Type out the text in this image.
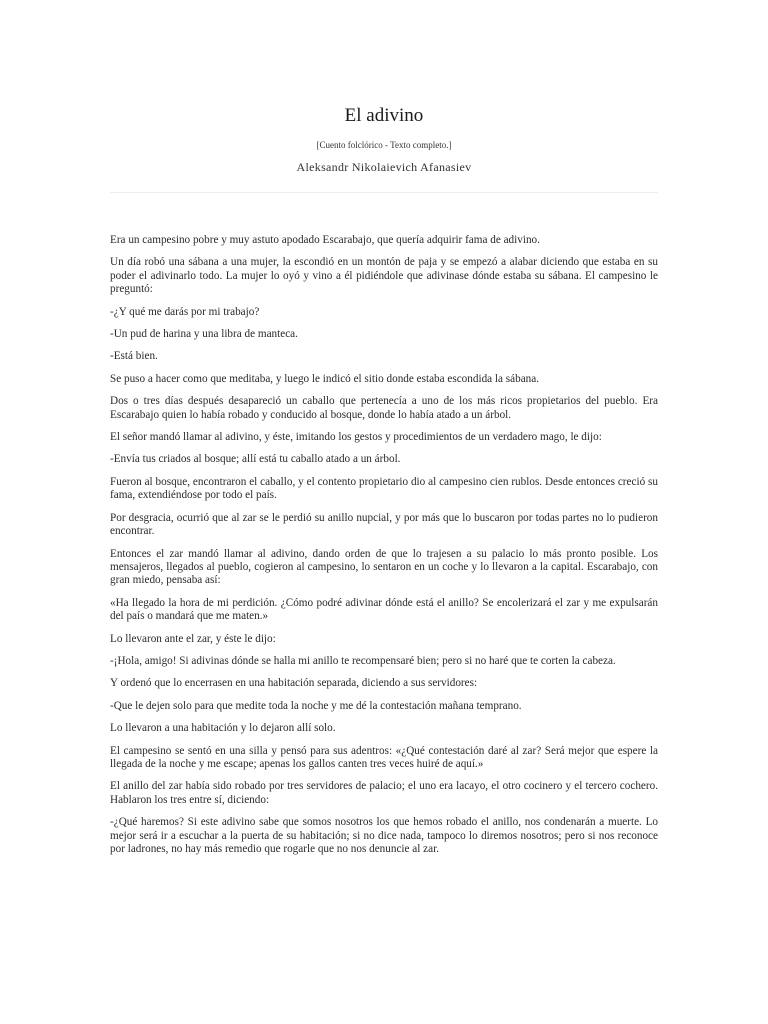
El adivino
[Cuento folclórico - Texto completo.]
Aleksandr Nikolaievich Afanasiev

Era un campesino pobre y muy astuto apodado Escarabajo, que quería adquirir fama de adivino.

Un día robó una sábana a una mujer, la escondió en un montón de paja y se empezó a alabar diciendo que estaba en su poder el adivinarlo todo. La mujer lo oyó y vino a él pidiéndole que adivinase dónde estaba su sábana. El campesino le preguntó:

-¿Y qué me darás por mi trabajo?

-Un pud de harina y una libra de manteca.

-Está bien.

Se puso a hacer como que meditaba, y luego le indicó el sitio donde estaba escondida la sábana.

Dos o tres días después desapareció un caballo que pertenecía a uno de los más ricos propietarios del pueblo. Era Escarabajo quien lo había robado y conducido al bosque, donde lo había atado a un árbol.

El señor mandó llamar al adivino, y éste, imitando los gestos y procedimientos de un verdadero mago, le dijo:

-Envía tus criados al bosque; allí está tu caballo atado a un árbol.

Fueron al bosque, encontraron el caballo, y el contento propietario dio al campesino cien rublos. Desde entonces creció su fama, extendiéndose por todo el país.

Por desgracia, ocurrió que al zar se le perdió su anillo nupcial, y por más que lo buscaron por todas partes no lo pudieron encontrar.

Entonces el zar mandó llamar al adivino, dando orden de que lo trajesen a su palacio lo más pronto posible. Los mensajeros, llegados al pueblo, cogieron al campesino, lo sentaron en un coche y lo llevaron a la capital. Escarabajo, con gran miedo, pensaba así:

«Ha llegado la hora de mi perdición. ¿Cómo podré adivinar dónde está el anillo? Se encolerizará el zar y me expulsarán del país o mandará que me maten.»

Lo llevaron ante el zar, y éste le dijo:

-¡Hola, amigo! Si adivinas dónde se halla mi anillo te recompensaré bien; pero si no haré que te corten la cabeza.

Y ordenó que lo encerrasen en una habitación separada, diciendo a sus servidores:

-Que le dejen solo para que medite toda la noche y me dé la contestación mañana temprano.

Lo llevaron a una habitación y lo dejaron allí solo.

El campesino se sentó en una silla y pensó para sus adentros: «¿Qué contestación daré al zar? Será mejor que espere la llegada de la noche y me escape; apenas los gallos canten tres veces huiré de aquí.»

El anillo del zar había sido robado por tres servidores de palacio; el uno era lacayo, el otro cocinero y el tercero cochero. Hablaron los tres entre sí, diciendo:

-¿Qué haremos? Si este adivino sabe que somos nosotros los que hemos robado el anillo, nos condenarán a muerte. Lo mejor será ir a escuchar a la puerta de su habitación; si no dice nada, tampoco lo diremos nosotros; pero si nos reconoce por ladrones, no hay más remedio que rogarle que no nos denuncie al zar.
